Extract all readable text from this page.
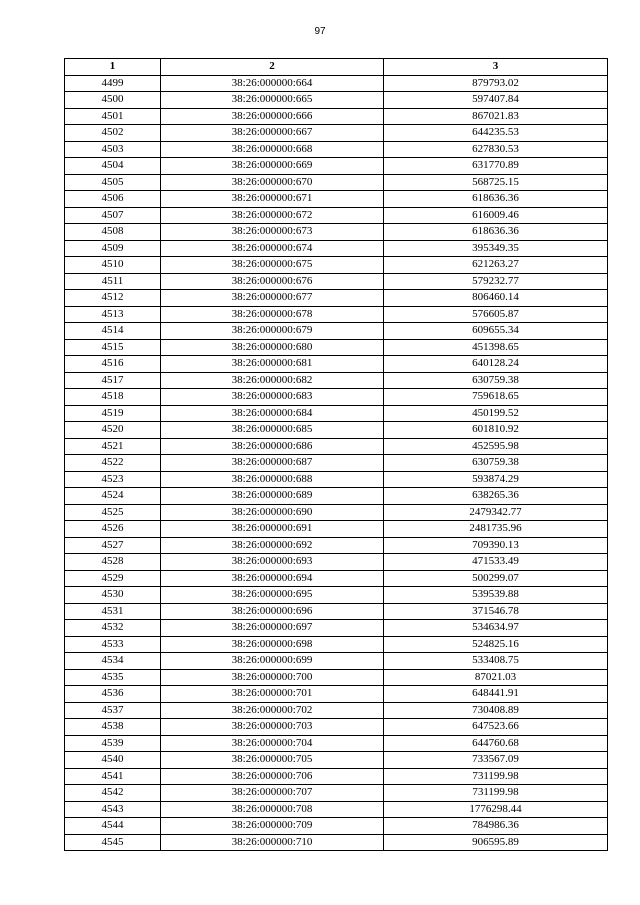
97
1	2	3
4499	38:26:000000:664	879793.02
4500	38:26:000000:665	597407.84
4501	38:26:000000:666	867021.83
4502	38:26:000000:667	644235.53
4503	38:26:000000:668	627830.53
4504	38:26:000000:669	631770.89
4505	38:26:000000:670	568725.15
4506	38:26:000000:671	618636.36
4507	38:26:000000:672	616009.46
4508	38:26:000000:673	618636.36
4509	38:26:000000:674	395349.35
4510	38:26:000000:675	621263.27
4511	38:26:000000:676	579232.77
4512	38:26:000000:677	806460.14
4513	38:26:000000:678	576605.87
4514	38:26:000000:679	609655.34
4515	38:26:000000:680	451398.65
4516	38:26:000000:681	640128.24
4517	38:26:000000:682	630759.38
4518	38:26:000000:683	759618.65
4519	38:26:000000:684	450199.52
4520	38:26:000000:685	601810.92
4521	38:26:000000:686	452595.98
4522	38:26:000000:687	630759.38
4523	38:26:000000:688	593874.29
4524	38:26:000000:689	638265.36
4525	38:26:000000:690	2479342.77
4526	38:26:000000:691	2481735.96
4527	38:26:000000:692	709390.13
4528	38:26:000000:693	471533.49
4529	38:26:000000:694	500299.07
4530	38:26:000000:695	539539.88
4531	38:26:000000:696	371546.78
4532	38:26:000000:697	534634.97
4533	38:26:000000:698	524825.16
4534	38:26:000000:699	533408.75
4535	38:26:000000:700	87021.03
4536	38:26:000000:701	648441.91
4537	38:26:000000:702	730408.89
4538	38:26:000000:703	647523.66
4539	38:26:000000:704	644760.68
4540	38:26:000000:705	733567.09
4541	38:26:000000:706	731199.98
4542	38:26:000000:707	731199.98
4543	38:26:000000:708	1776298.44
4544	38:26:000000:709	784986.36
4545	38:26:000000:710	906595.89
